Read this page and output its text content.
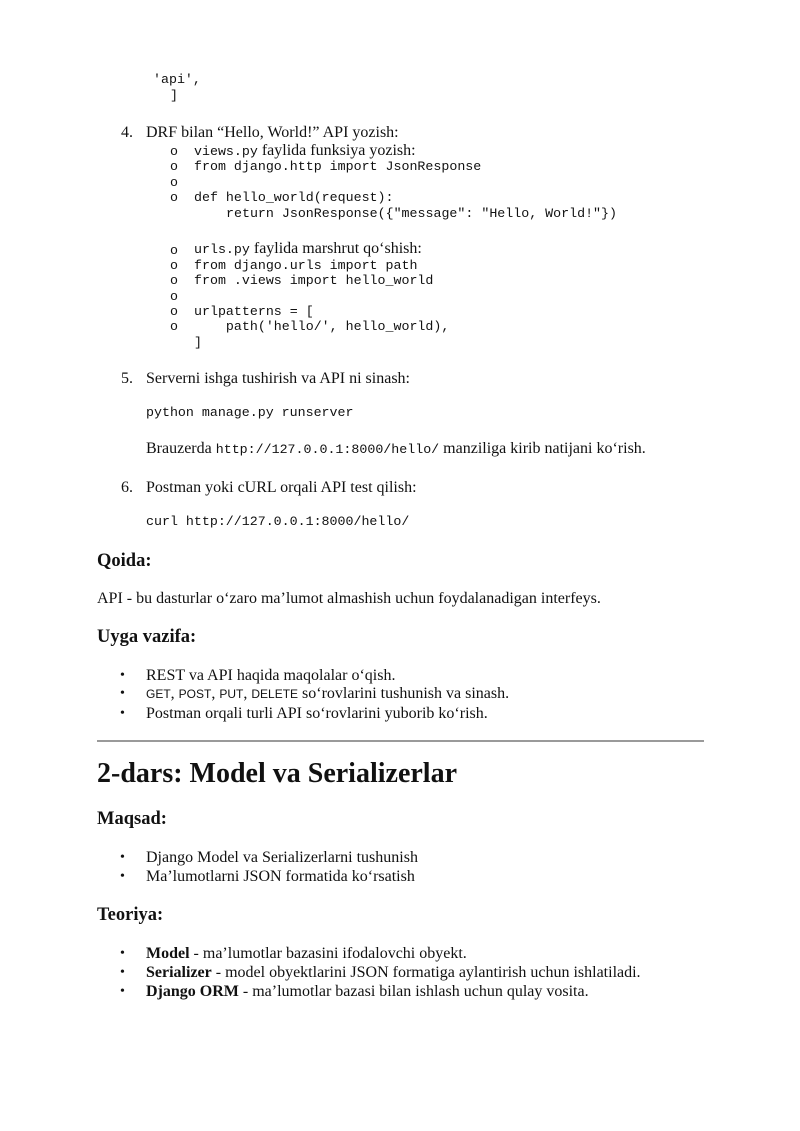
'api',
]
4. DRF bilan “Hello, World!” API yozish:
o views.py faylida funksiya yozish:
o from django.http import JsonResponse
o
o def hello_world(request):
return JsonResponse({"message": "Hello, World!"})
o urls.py faylida marshrut qo‘shish:
o from django.urls import path
o from .views import hello_world
o
o urlpatterns = [
o path('hello/', hello_world),
]
5. Serverni ishga tushirish va API ni sinash:
python manage.py runserver
Brauzerda http://127.0.0.1:8000/hello/ manziliga kirib natijani ko‘rish.
6. Postman yoki cURL orqali API test qilish:
curl http://127.0.0.1:8000/hello/
Qoida:
API - bu dasturlar o‘zaro ma’lumot almashish uchun foydalanadigan interfeys.
Uyga vazifa:
• REST va API haqida maqolalar o‘qish.
• GET, POST, PUT, DELETE so‘rovlarini tushunish va sinash.
• Postman orqali turli API so‘rovlarini yuborib ko‘rish.
2-dars: Model va Serializerlar
Maqsad:
• Django Model va Serializerlarni tushunish
• Ma’lumotlarni JSON formatida ko‘rsatish
Teoriya:
• Model - ma’lumotlar bazasini ifodalovchi obyekt.
• Serializer - model obyektlarini JSON formatiga aylantirish uchun ishlatiladi.
• Django ORM - ma’lumotlar bazasi bilan ishlash uchun qulay vosita.
